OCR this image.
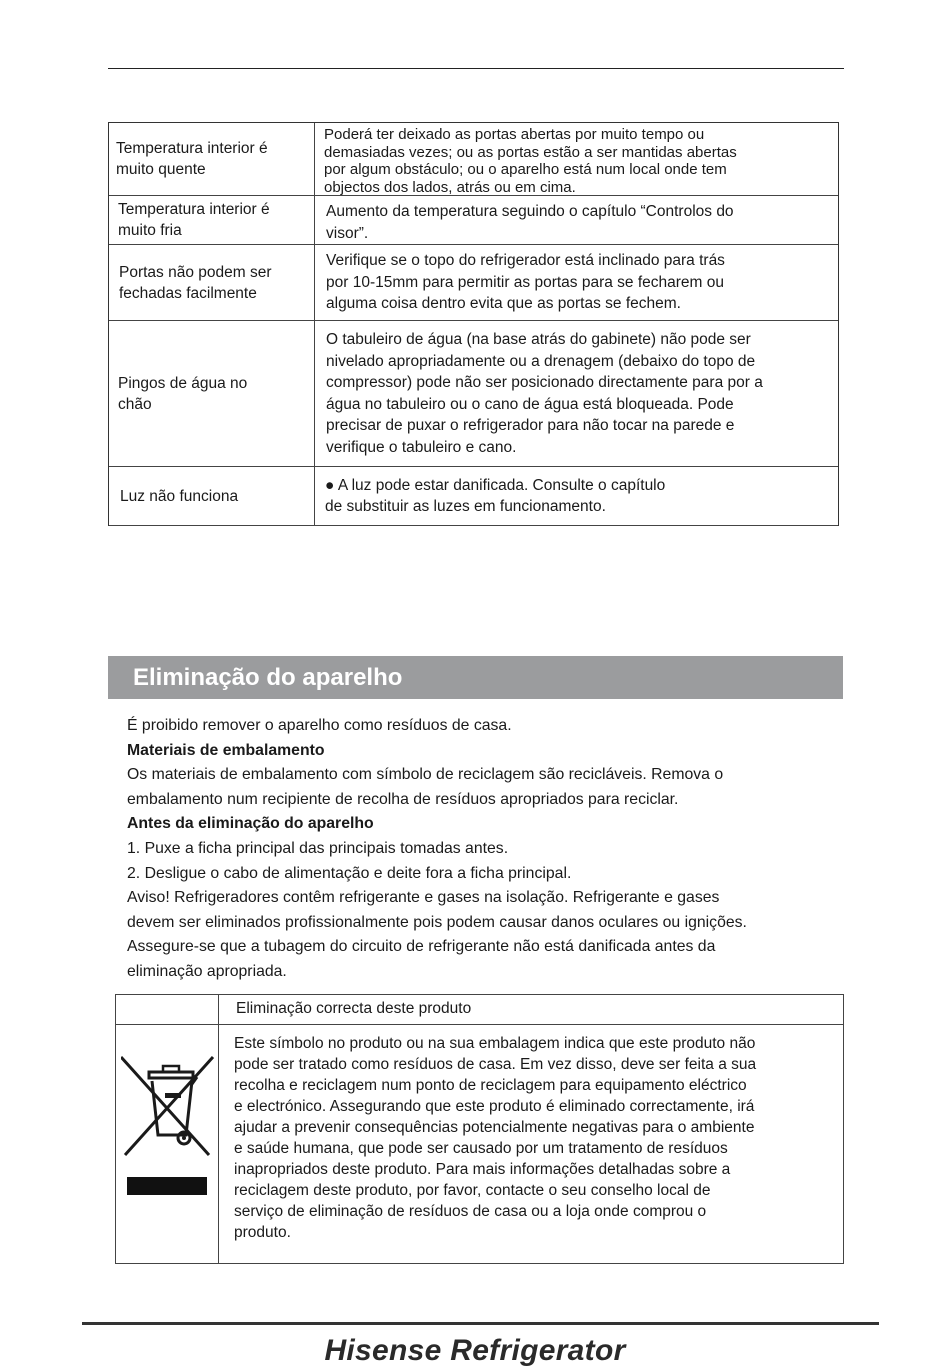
Temperatura interior é
muito quente
Poderá ter deixado as portas abertas por muito tempo ou
demasiadas vezes; ou as portas estão a ser mantidas abertas
por algum obstáculo; ou o aparelho está num local onde tem
objectos dos lados, atrás ou em cima.
Temperatura interior é
muito fria
Aumento da temperatura seguindo o capítulo “Controlos do
visor”.
Portas não podem ser
fechadas facilmente
Verifique se o topo do refrigerador está inclinado para trás
por 10-15mm para permitir as portas para se fecharem ou
alguma coisa dentro evita que as portas se fechem.
Pingos de água no
chão
O tabuleiro de água (na base atrás do gabinete) não pode ser
nivelado apropriadamente ou a drenagem (debaixo do topo de
compressor) pode não ser posicionado directamente para por a
água no tabuleiro ou o cano de água está bloqueada. Pode
precisar de puxar o refrigerador para não tocar na parede e
verifique o tabuleiro e cano.
Luz não funciona
● A luz pode estar danificada. Consulte o capítulo
de substituir as luzes em funcionamento.
Eliminação do aparelho

É proibido remover o aparelho como resíduos de casa.

Materiais de embalamento

Os materiais de embalamento com símbolo de reciclagem são recicláveis. Remova o

embalamento num recipiente de recolha de resíduos apropriados para reciclar.

Antes da eliminação do aparelho

1. Puxe a ficha principal das principais tomadas antes.

2. Desligue o cabo de alimentação e deite fora a ficha principal.

Aviso! Refrigeradores contêm refrigerante e gases na isolação. Refrigerante e gases

devem ser eliminados profissionalmente pois podem causar danos oculares ou ignições.

Assegure-se que a tubagem do circuito de refrigerante não está danificada antes da

eliminação apropriada.

Eliminação correcta deste produto
Este símbolo no produto ou na sua embalagem indica que este produto não
pode ser tratado como resíduos de casa. Em vez disso, deve ser feita a sua
recolha e reciclagem num ponto de reciclagem para equipamento eléctrico
e electrónico. Assegurando que este produto é eliminado correctamente, irá
ajudar a prevenir consequências potencialmente negativas para o ambiente
e saúde humana, que pode ser causado por um tratamento de resíduos
inapropriados deste produto. Para mais informações detalhadas sobre a
reciclagem deste produto, por favor, contacte o seu conselho local de
serviço de eliminação de resíduos de casa ou a loja onde comprou o
produto.
Hisense Refrigerator
